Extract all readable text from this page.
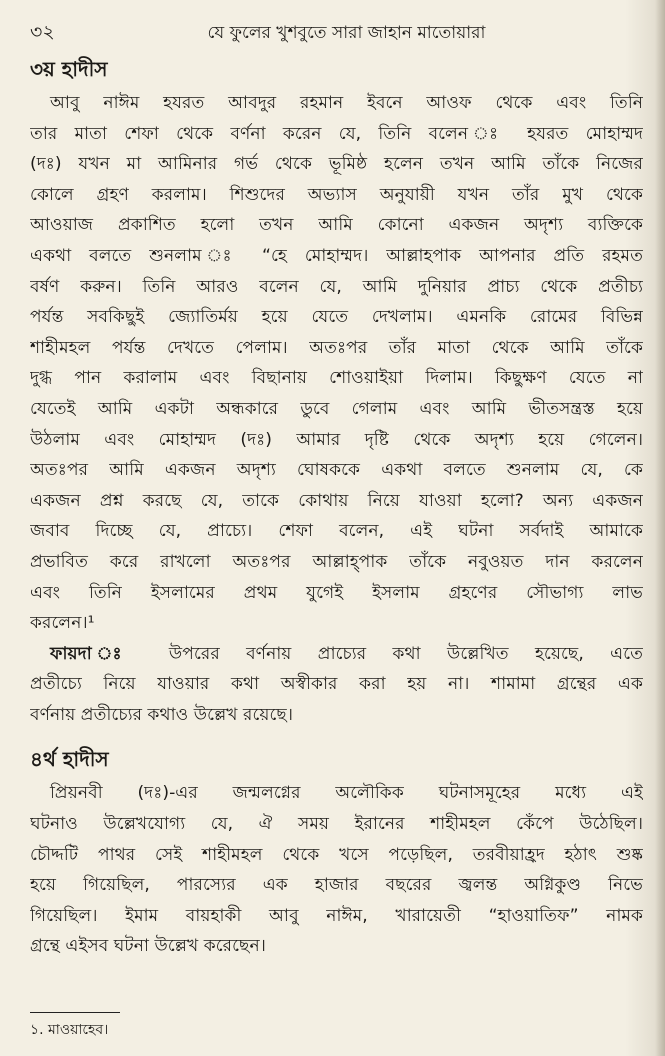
৩২	যে ফুলের খুশবুতে সারা জাহান মাতোয়ারা
৩য় হাদীস
আবু নাঈম হযরত আবদুর রহমান ইবনে আওফ থেকে এবং তিনি
তার মাতা শেফা থেকে বর্ণনা করেন যে, তিনি বলেন ঃ হযরত মোহাম্মদ
(দঃ) যখন মা আমিনার গর্ভ থেকে ভূমিষ্ঠ হলেন তখন আমি তাঁকে নিজের
কোলে গ্রহণ করলাম। শিশুদের অভ্যাস অনুযায়ী যখন তাঁর মুখ থেকে
আওয়াজ প্রকাশিত হলো তখন আমি কোনো একজন অদৃশ্য ব্যক্তিকে
একথা বলতে শুনলাম ঃ “হে মোহাম্মদ। আল্লাহপাক আপনার প্রতি রহমত
বর্ষণ করুন। তিনি আরও বলেন যে, আমি দুনিয়ার প্রাচ্য থেকে প্রতীচ্য
পর্যন্ত সবকিছুই জ্যোতির্ময় হয়ে যেতে দেখলাম। এমনকি রোমের বিভিন্ন
শাহীমহল পর্যন্ত দেখতে পেলাম। অতঃপর তাঁর মাতা থেকে আমি তাঁকে
দুগ্ধ পান করালাম এবং বিছানায় শোওয়াইয়া দিলাম। কিছুক্ষণ যেতে না
যেতেই আমি একটা অন্ধকারে ডুবে গেলাম এবং আমি ভীতসন্ত্রস্ত হয়ে
উঠলাম এবং মোহাম্মদ (দঃ) আমার দৃষ্টি থেকে অদৃশ্য হয়ে গেলেন।
অতঃপর আমি একজন অদৃশ্য ঘোষককে একথা বলতে শুনলাম যে, কে
একজন প্রশ্ন করছে যে, তাকে কোথায় নিয়ে যাওয়া হলো? অন্য একজন
জবাব দিচ্ছে যে, প্রাচ্যে। শেফা বলেন, এই ঘটনা সর্বদাই আমাকে
প্রভাবিত করে রাখলো অতঃপর আল্লাহ্পাক তাঁকে নবুওয়ত দান করলেন
এবং তিনি ইসলামের প্রথম যুগেই ইসলাম গ্রহণের সৌভাগ্য লাভ
করলেন।¹
ফায়দা ঃ উপরের বর্ণনায় প্রাচ্যের কথা উল্লেখিত হয়েছে, এতে
প্রতীচ্যে নিয়ে যাওয়ার কথা অস্বীকার করা হয় না। শামামা গ্রন্থের এক
বর্ণনায় প্রতীচ্যের কথাও উল্লেখ রয়েছে।
৪র্থ হাদীস
প্রিয়নবী (দঃ)-এর জন্মলগ্নের অলৌকিক ঘটনাসমূহের মধ্যে এই
ঘটনাও উল্লেখযোগ্য যে, ঐ সময় ইরানের শাহীমহল কেঁপে উঠেছিল।
চৌদ্দটি পাথর সেই শাহীমহল থেকে খসে পড়েছিল, তরবীয়াহ্রদ হঠাৎ শুষ্ক
হয়ে গিয়েছিল, পারস্যের এক হাজার বছরের জ্বলন্ত অগ্নিকুণ্ড নিভে
গিয়েছিল। ইমাম বায়হাকী আবু নাঈম, খারায়েতী “হাওয়াতিফ” নামক
গ্রন্থে এইসব ঘটনা উল্লেখ করেছেন।
১. মাওয়াহেব।
